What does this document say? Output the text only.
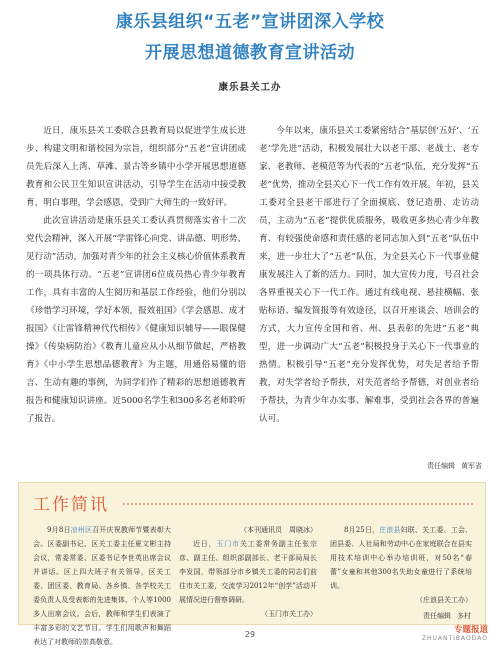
康乐县组织“五老”宣讲团深入学校
开展思想道德教育宣讲活动
康乐县关工办

近日，康乐县关工委联合县教育局以促进学生成长进步、构建文明和谐校园为宗旨，组织部分“五老”宣讲团成员先后深入上湾、草滩、景古等乡镇中小学开展思想道德教育和公民卫生知识宣讲活动，引导学生在活动中接受教育，明白事理，学会感恩，受到广大师生的一致好评。

此次宣讲活动是康乐县关工委认真贯彻落实省十二次党代会精神，深入开展“学雷锋心向党、讲品德、明形势、见行动”活动，加强对青少年的社会主义核心价值体系教育的一项具体行动。“五老”宣讲团6位成员热心青少年教育工作，具有丰富的人生阅历和基层工作经验，他们分别以《珍惜学习环境，学好本领，报效祖国》《学会感恩、成才报国》《让雷锋精神代代相传》《健康知识辅导——眼保健操》《传染病防治》《教育儿童应从小从细节做起，严格教育》《中小学生思想品德教育》为主题，用通俗易懂的语言、生动有趣的事例，为同学们作了精彩的思想道德教育报告和健康知识讲座。近5000名学生和300多名老师聆听了报告。

今年以来，康乐县关工委紧密结合“基层创‘五好’、‘五老’学先进”活动，积极发展壮大以老干部、老战士、老专家、老教师、老模范等为代表的“五老”队伍，充分发挥“五老”优势，推动全县关心下一代工作有效开展。年初，县关工委对全县老干部进行了全面摸底、登记造册、走访动员，主动为“五老”提供优质服务，吸收更多热心青少年教育、有较强使命感和责任感的老同志加入到“五老”队伍中来，进一步壮大了“五老”队伍，为全县关心下一代事业健康发展注入了新的活力。同时，加大宣传力度，号召社会各界重视关心下一代工作。通过有线电视、悬挂横幅、张贴标语、编发简报等有效途径，以召开座谈会、培训会的方式，大力宣传全国和省、州、县表彰的先进“五老”典型，进一步调动广大“五老”积极投身于关心下一代事业的热情。积极引导“五老”充分发挥优势，对失足者给予帮教，对失学者给予帮扶，对失范者给予帮德，对创业者给予帮扶，为青少年办实事、解难事，受到社会各界的普遍认可。

责任编辑 黄军省
工作简讯

9月8日凉州区召开庆祝教师节暨表彰大会。区委副书记、区关工委主任夏文彬主持会议，常委常委、区委书记李世英出席会议并讲话。区上四大班子有关领导，区关工委、团区委、教育局、各乡镇、各学校关工委负责人及受表彰的先进集体、个人等1000多人出席会议。会后，教师和学生们表演了丰富多彩的文艺节目。学生们用歌声和舞蹈表达了对教师的崇高敬意。

（本刊通讯员　周晓冰）

近日，玉门市关工委常务副主任张宗彦、副主任、组织部副部长、老干部局局长李发国，带领部分市乡镇关工委的同志们前往市关工委，交流学习2012年“创学”活动开展情况进行督察调研。

（玉门市关工办）

8月25日，庄浪县妇联、关工委、工会、团县委、人社局和劳动中心在家庭联合在县实用技术培训中心举办培训班，对50名“春蕾”女童和其他300名失助女童进行了系统培训。

（庄浪县关工办）

责任编辑 多村
29	专题报道
ZHUANTIBAODAO
